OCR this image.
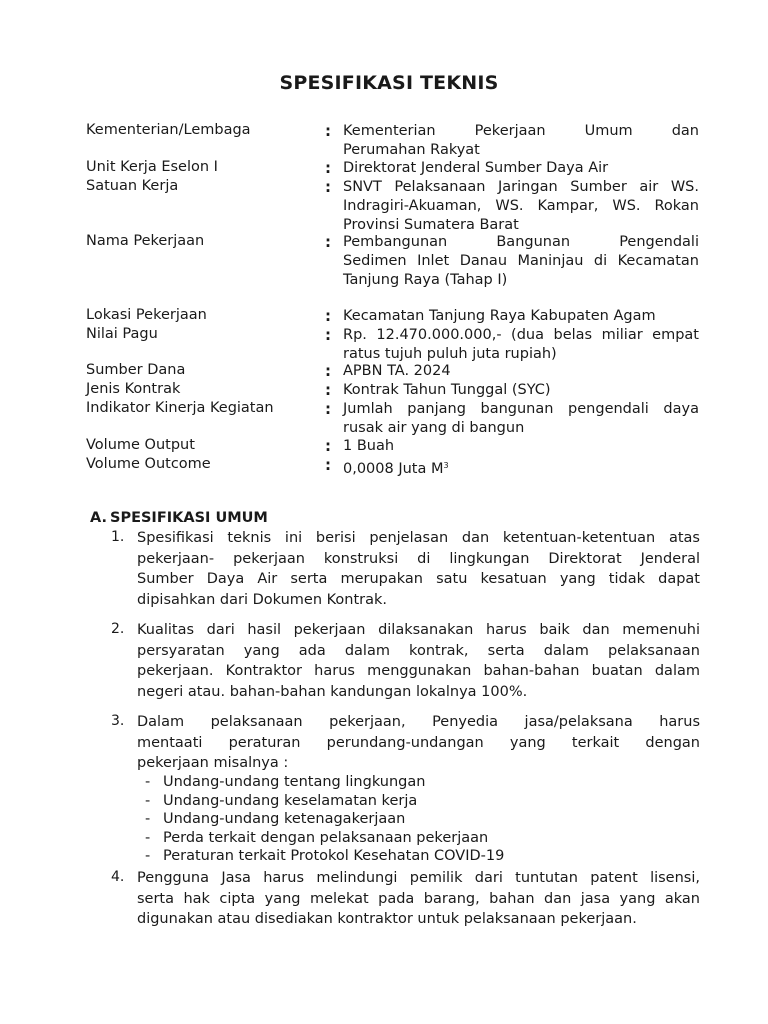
SPESIFIKASI TEKNIS
Kementerian/Lembaga	: Kementerian Pekerjaan Umum dan
Perumahan Rakyat
Unit Kerja Eselon I	: Direktorat Jenderal Sumber Daya Air
Satuan Kerja	: SNVT Pelaksanaan Jaringan Sumber air WS.
Indragiri-Akuaman, WS. Kampar, WS. Rokan
Provinsi Sumatera Barat
Nama Pekerjaan	: Pembangunan Bangunan Pengendali
Sedimen Inlet Danau Maninjau di Kecamatan
Tanjung Raya (Tahap I)
Lokasi Pekerjaan	: Kecamatan Tanjung Raya Kabupaten Agam
Nilai Pagu	: Rp. 12.470.000.000,- (dua belas miliar empat
ratus tujuh puluh juta rupiah)
Sumber Dana	: APBN TA. 2024
Jenis Kontrak	: Kontrak Tahun Tunggal (SYC)
Indikator Kinerja Kegiatan	: Jumlah panjang bangunan pengendali daya
rusak air yang di bangun
Volume Output	: 1 Buah
Volume Outcome	: 0,0008 Juta $M^3$
A. SPESIFIKASI UMUM
1. Spesifikasi teknis ini berisi penjelasan dan ketentuan-ketentuan atas
pekerjaan- pekerjaan konstruksi di lingkungan Direktorat Jenderal
Sumber Daya Air serta merupakan satu kesatuan yang tidak dapat
dipisahkan dari Dokumen Kontrak.
2. Kualitas dari hasil pekerjaan dilaksanakan harus baik dan memenuhi
persyaratan yang ada dalam kontrak, serta dalam pelaksanaan
pekerjaan. Kontraktor harus menggunakan bahan-bahan buatan dalam
negeri atau. bahan-bahan kandungan lokalnya 100%.
3. Dalam pelaksanaan pekerjaan, Penyedia jasa/pelaksana harus
mentaati peraturan perundang-undangan yang terkait dengan
pekerjaan misalnya :
- Undang-undang tentang lingkungan
- Undang-undang keselamatan kerja
- Undang-undang ketenagakerjaan
- Perda terkait dengan pelaksanaan pekerjaan
- Peraturan terkait Protokol Kesehatan COVID-19
4. Pengguna Jasa harus melindungi pemilik dari tuntutan patent lisensi,
serta hak cipta yang melekat pada barang, bahan dan jasa yang akan
digunakan atau disediakan kontraktor untuk pelaksanaan pekerjaan.
